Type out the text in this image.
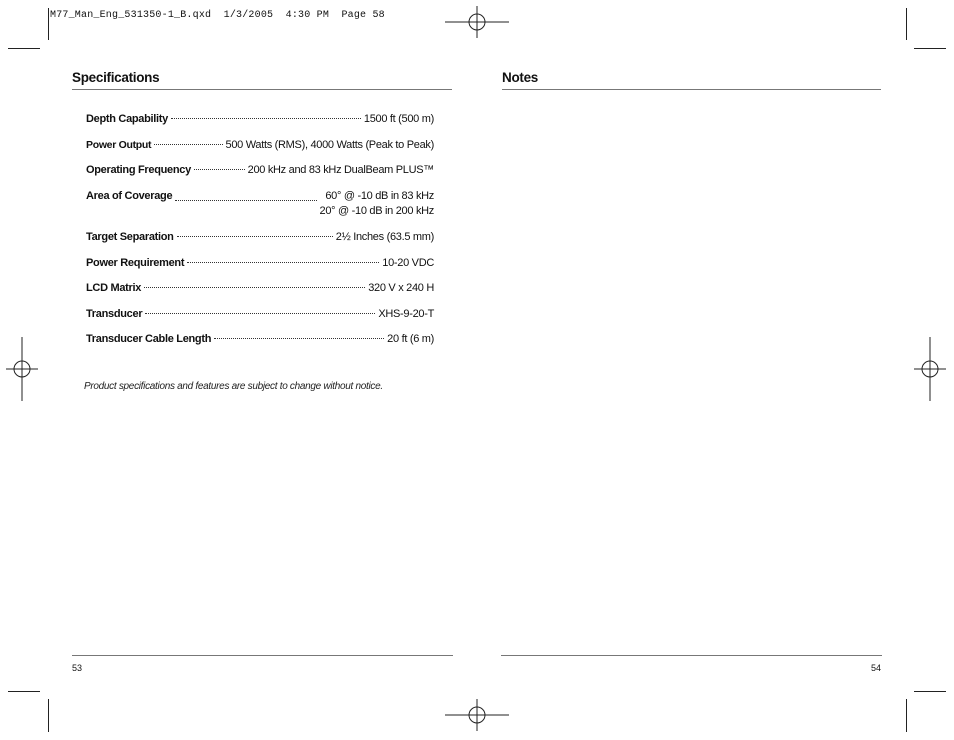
M77_Man_Eng_531350-1_B.qxd  1/3/2005  4:30 PM  Page 58
Specifications
Depth Capability	1500 ft (500 m)
Power Output	500 Watts (RMS), 4000 Watts (Peak to Peak)
Operating Frequency	200 kHz and 83 kHz DualBeam PLUS™
Area of Coverage	60° @ -10 dB in 83 kHz
20° @ -10 dB in 200 kHz
Target Separation	2½ Inches (63.5 mm)
Power Requirement	10-20 VDC
LCD Matrix	320 V x 240 H
Transducer	XHS-9-20-T
Transducer Cable Length	20 ft (6 m)
Product specifications and features are subject to change without notice.
53
Notes
54
